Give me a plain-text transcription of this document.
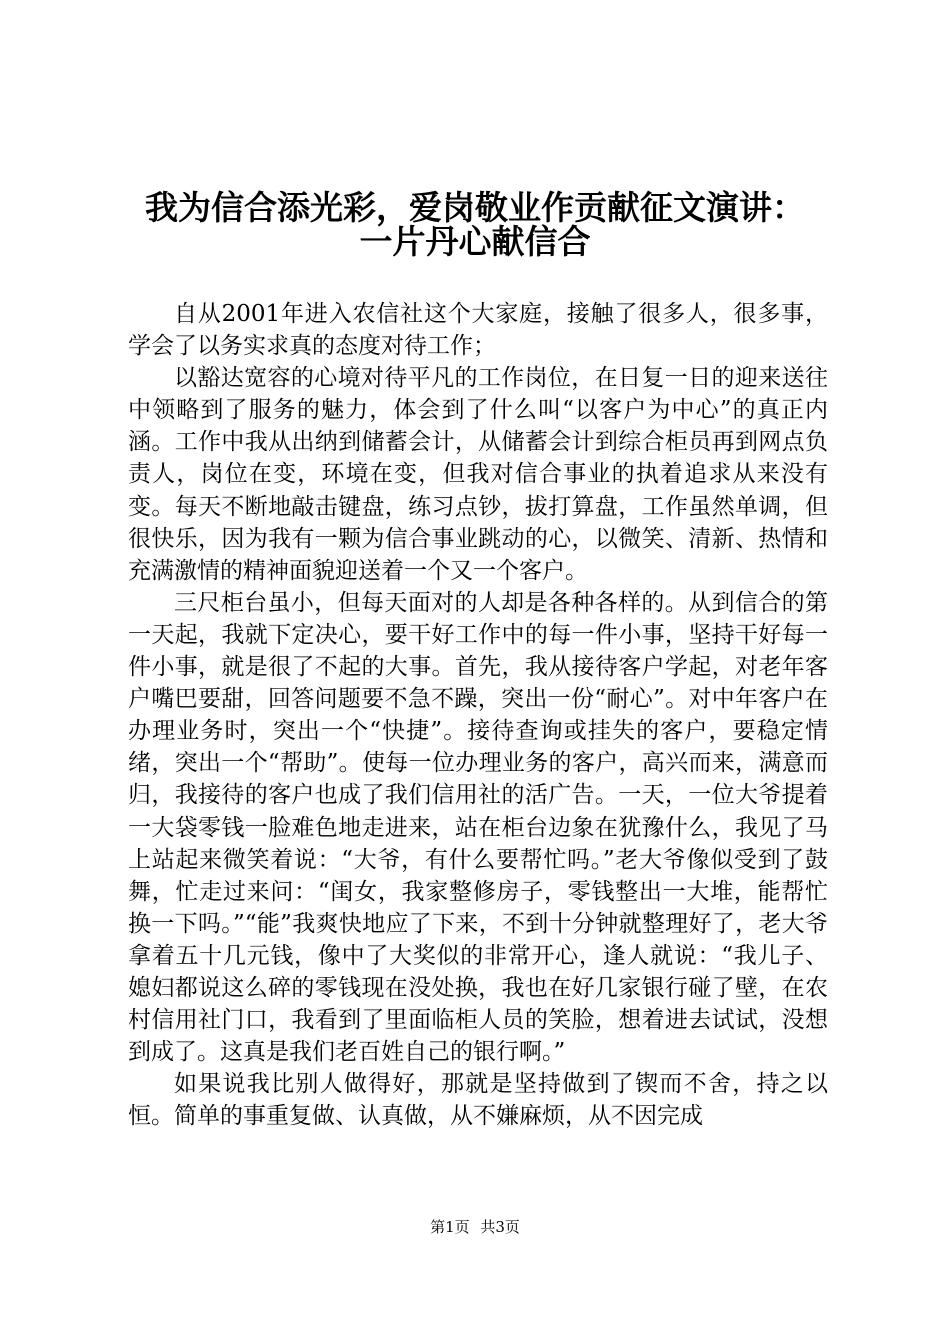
我为信合添光彩，爱岗敬业作贡献征文演讲：
一片丹心献信合

自从2001年进入农信社这个大家庭，接触了很多人，很多事，学会了以务实求真的态度对待工作；

以豁达宽容的心境对待平凡的工作岗位，在日复一日的迎来送往中领略到了服务的魅力，体会到了什么叫“以客户为中心”的真正内涵。工作中我从出纳到储蓄会计，从储蓄会计到综合柜员再到网点负责人，岗位在变，环境在变，但我对信合事业的执着追求从来没有变。每天不断地敲击键盘，练习点钞，拔打算盘，工作虽然单调，但很快乐，因为我有一颗为信合事业跳动的心，以微笑、清新、热情和充满激情的精神面貌迎送着一个又一个客户。

三尺柜台虽小，但每天面对的人却是各种各样的。从到信合的第一天起，我就下定决心，要干好工作中的每一件小事，坚持干好每一件小事，就是很了不起的大事。首先，我从接待客户学起，对老年客户嘴巴要甜，回答问题要不急不躁，突出一份“耐心”。对中年客户在办理业务时，突出一个“快捷”。接待查询或挂失的客户，要稳定情绪，突出一个“帮助”。使每一位办理业务的客户，高兴而来，满意而归，我接待的客户也成了我们信用社的活广告。一天，一位大爷提着一大袋零钱一脸难色地走进来，站在柜台边象在犹豫什么，我见了马上站起来微笑着说：“大爷，有什么要帮忙吗。”老大爷像似受到了鼓舞，忙走过来问：“闺女，我家整修房子，零钱整出一大堆，能帮忙换一下吗。”“能”我爽快地应了下来，不到十分钟就整理好了，老大爷拿着五十几元钱，像中了大奖似的非常开心，逢人就说：“我儿子、媳妇都说这么碎的零钱现在没处换，我也在好几家银行碰了壁，在农村信用社门口，我看到了里面临柜人员的笑脸，想着进去试试，没想到成了。这真是我们老百姓自己的银行啊。”

如果说我比别人做得好，那就是坚持做到了锲而不舍，持之以恒。简单的事重复做、认真做，从不嫌麻烦，从不因完成

第1页 共3页
